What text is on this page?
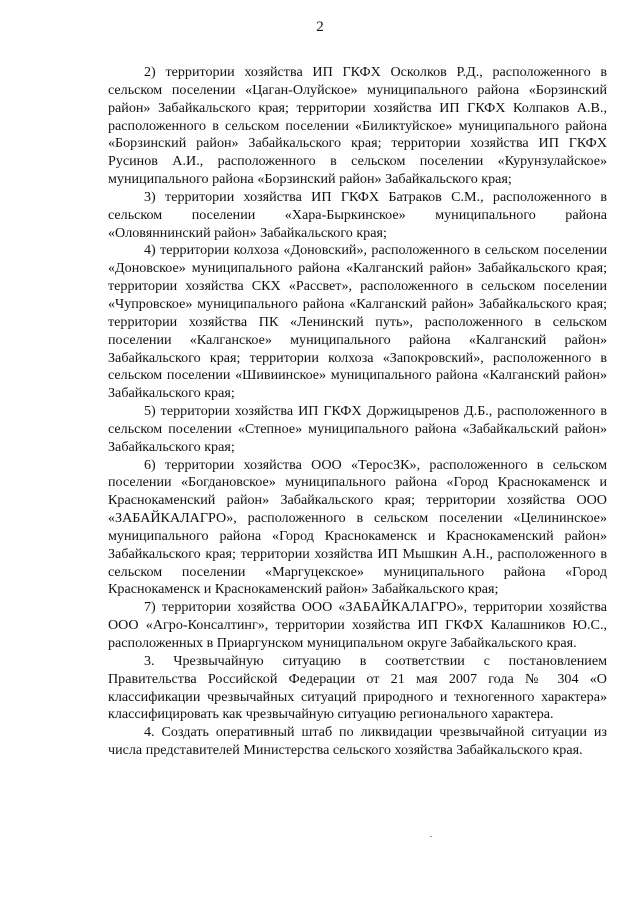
2

2) территории хозяйства ИП ГКФХ Осколков Р.Д., расположенного в сельском поселении «Цаган-Олуйское» муниципального района «Борзинский район» Забайкальского края; территории хозяйства ИП ГКФХ Колпаков А.В., расположенного в сельском поселении «Биликтуйское» муниципального района «Борзинский район» Забайкальского края; территории хозяйства ИП ГКФХ Русинов А.И., расположенного в сельском поселении «Курунзулайское» муниципального района «Борзинский район» Забайкальского края;

3) территории хозяйства ИП ГКФХ Батраков С.М., расположенного в сельском поселении «Хара-Быркинское» муниципального района «Оловяннинский район» Забайкальского края;

4) территории колхоза «Доновский», расположенного в сельском поселении «Доновское» муниципального района «Калганский район» Забайкальского края; территории хозяйства СКХ «Рассвет», расположенного в сельском поселении «Чупровское» муниципального района «Калганский район» Забайкальского края; территории хозяйства ПК «Ленинский путь», расположенного в сельском поселении «Калганское» муниципального района «Калганский район» Забайкальского края; территории колхоза «Запокровский», расположенного в сельском поселении «Шивиинское» муниципального района «Калганский район» Забайкальского края;

5) территории хозяйства ИП ГКФХ Доржицыренов Д.Б., расположенного в сельском поселении «Степное» муниципального района «Забайкальский район» Забайкальского края;

6) территории хозяйства ООО «ТеросЗК», расположенного в сельском поселении «Богдановское» муниципального района «Город Краснокаменск и Краснокаменский район» Забайкальского края; территории хозяйства ООО «ЗАБАЙКАЛАГРО», расположенного в сельском поселении «Целининское» муниципального района «Город Краснокаменск и Краснокаменский район» Забайкальского края; территории хозяйства ИП Мышкин А.Н., расположенного в сельском поселении «Маргуцекское» муниципального района «Город Краснокаменск и Краснокаменский район» Забайкальского края;

7) территории хозяйства ООО «ЗАБАЙКАЛАГРО», территории хозяйства ООО «Агро-Консалтинг», территории хозяйства ИП ГКФХ Калашников Ю.С., расположенных в Приаргунском муниципальном округе Забайкальского края.

3. Чрезвычайную ситуацию в соответствии с постановлением Правительства Российской Федерации от 21 мая 2007 года № 304 «О классификации чрезвычайных ситуаций природного и техногенного характера» классифицировать как чрезвычайную ситуацию регионального характера.

4. Создать оперативный штаб по ликвидации чрезвычайной ситуации из числа представителей Министерства сельского хозяйства Забайкальского края.
